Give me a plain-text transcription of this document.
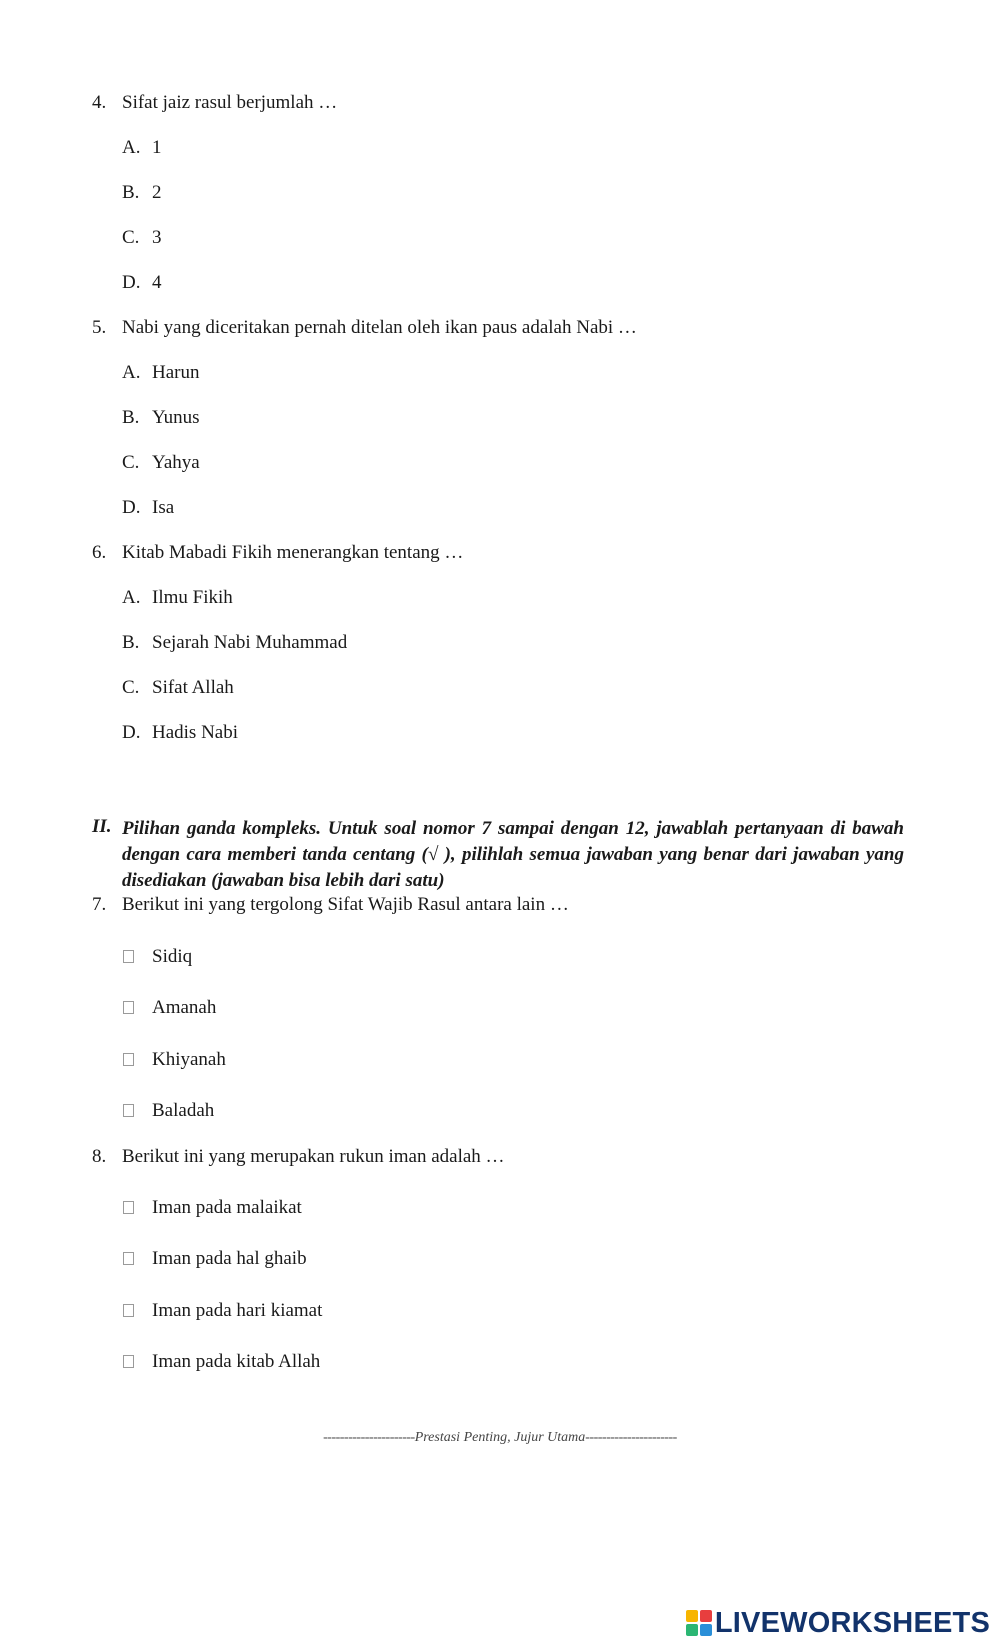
4. Sifat jaiz rasul berjumlah …
A. 1
B. 2
C. 3
D. 4
5. Nabi yang diceritakan pernah ditelan oleh ikan paus adalah Nabi …
A. Harun
B. Yunus
C. Yahya
D. Isa
6. Kitab Mabadi Fikih menerangkan tentang …
A. Ilmu Fikih
B. Sejarah Nabi Muhammad
C. Sifat Allah
D. Hadis Nabi
II. Pilihan ganda kompleks. Untuk soal nomor 7 sampai dengan 12, jawablah pertanyaan di bawah dengan cara memberi tanda centang (√ ), pilihlah semua jawaban yang benar dari jawaban yang disediakan (jawaban bisa lebih dari satu)
7. Berikut ini yang tergolong Sifat Wajib Rasul antara lain …
Sidiq
Amanah
Khiyanah
Baladah
8. Berikut ini yang merupakan rukun iman adalah …
Iman pada malaikat
Iman pada hal ghaib
Iman pada hari kiamat
Iman pada kitab Allah
----------------------Prestasi Penting, Jujur Utama----------------------
LIVEWORKSHEETS
